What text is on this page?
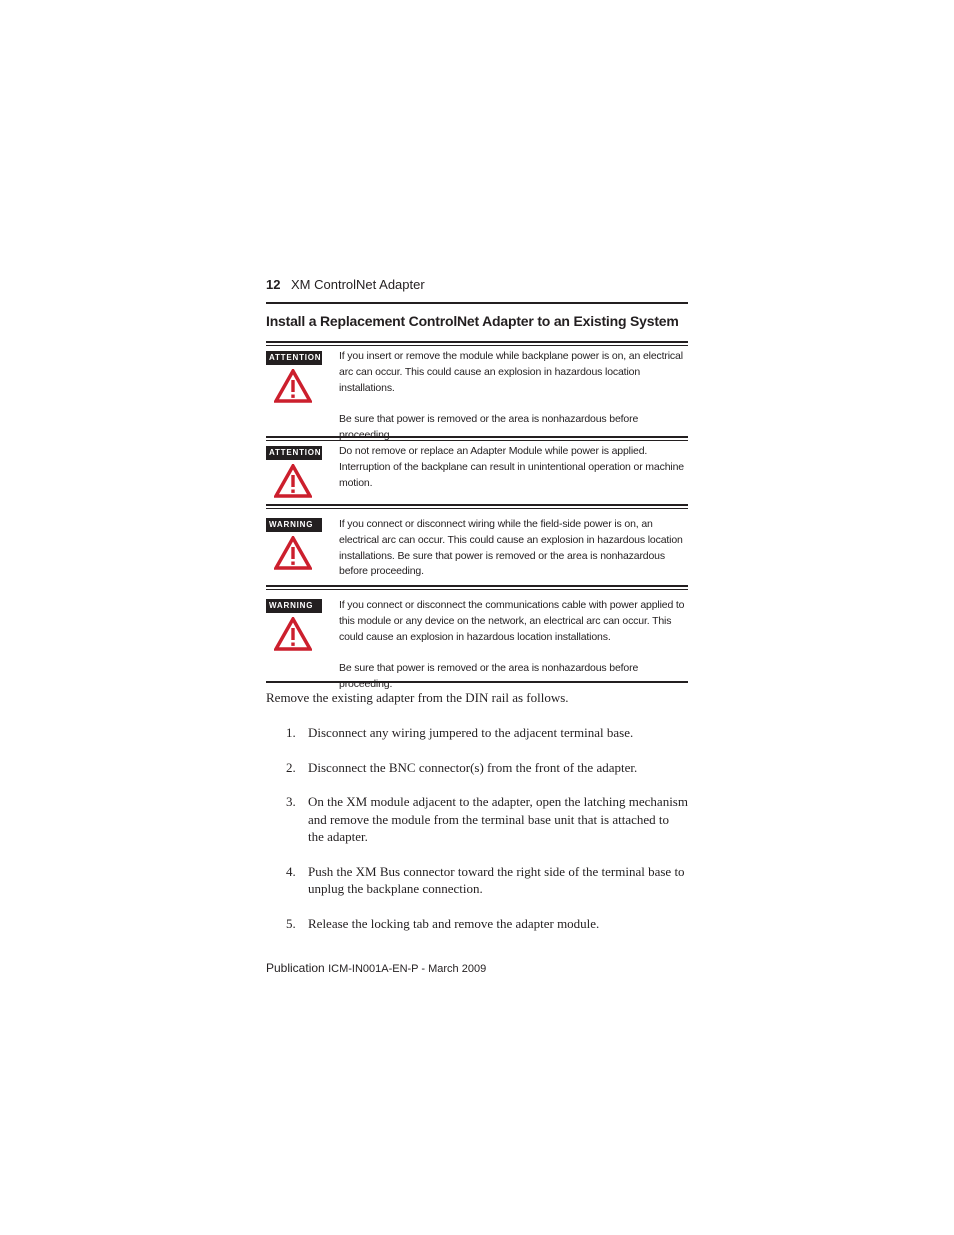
12 XM ControlNet Adapter
Install a Replacement ControlNet Adapter to an Existing System
ATTENTION If you insert or remove the module while backplane power is on, an electrical arc can occur. This could cause an explosion in hazardous location installations.

Be sure that power is removed or the area is nonhazardous before proceeding.

ATTENTION Do not remove or replace an Adapter Module while power is applied. Interruption of the backplane can result in unintentional operation or machine motion.

WARNING	If you connect or disconnect wiring while the field-side power is on, an electrical arc can occur. This could cause an explosion in hazardous location installations. Be sure that power is removed or the area is nonhazardous before proceeding.

WARNING	If you connect or disconnect the communications cable with power applied to this module or any device on the network, an electrical arc can occur. This could cause an explosion in hazardous location installations.

Be sure that power is removed or the area is nonhazardous before proceeding.

Remove the existing adapter from the DIN rail as follows.
1. Disconnect any wiring jumpered to the adjacent terminal base.
2. Disconnect the BNC connector(s) from the front of the adapter.
3. On the XM module adjacent to the adapter, open the latching mechanism and remove the module from the terminal base unit that is attached to the adapter.
4. Push the XM Bus connector toward the right side of the terminal base to unplug the backplane connection.
5. Release the locking tab and remove the adapter module.
Publication ICM-IN001A-EN-P - March 2009
